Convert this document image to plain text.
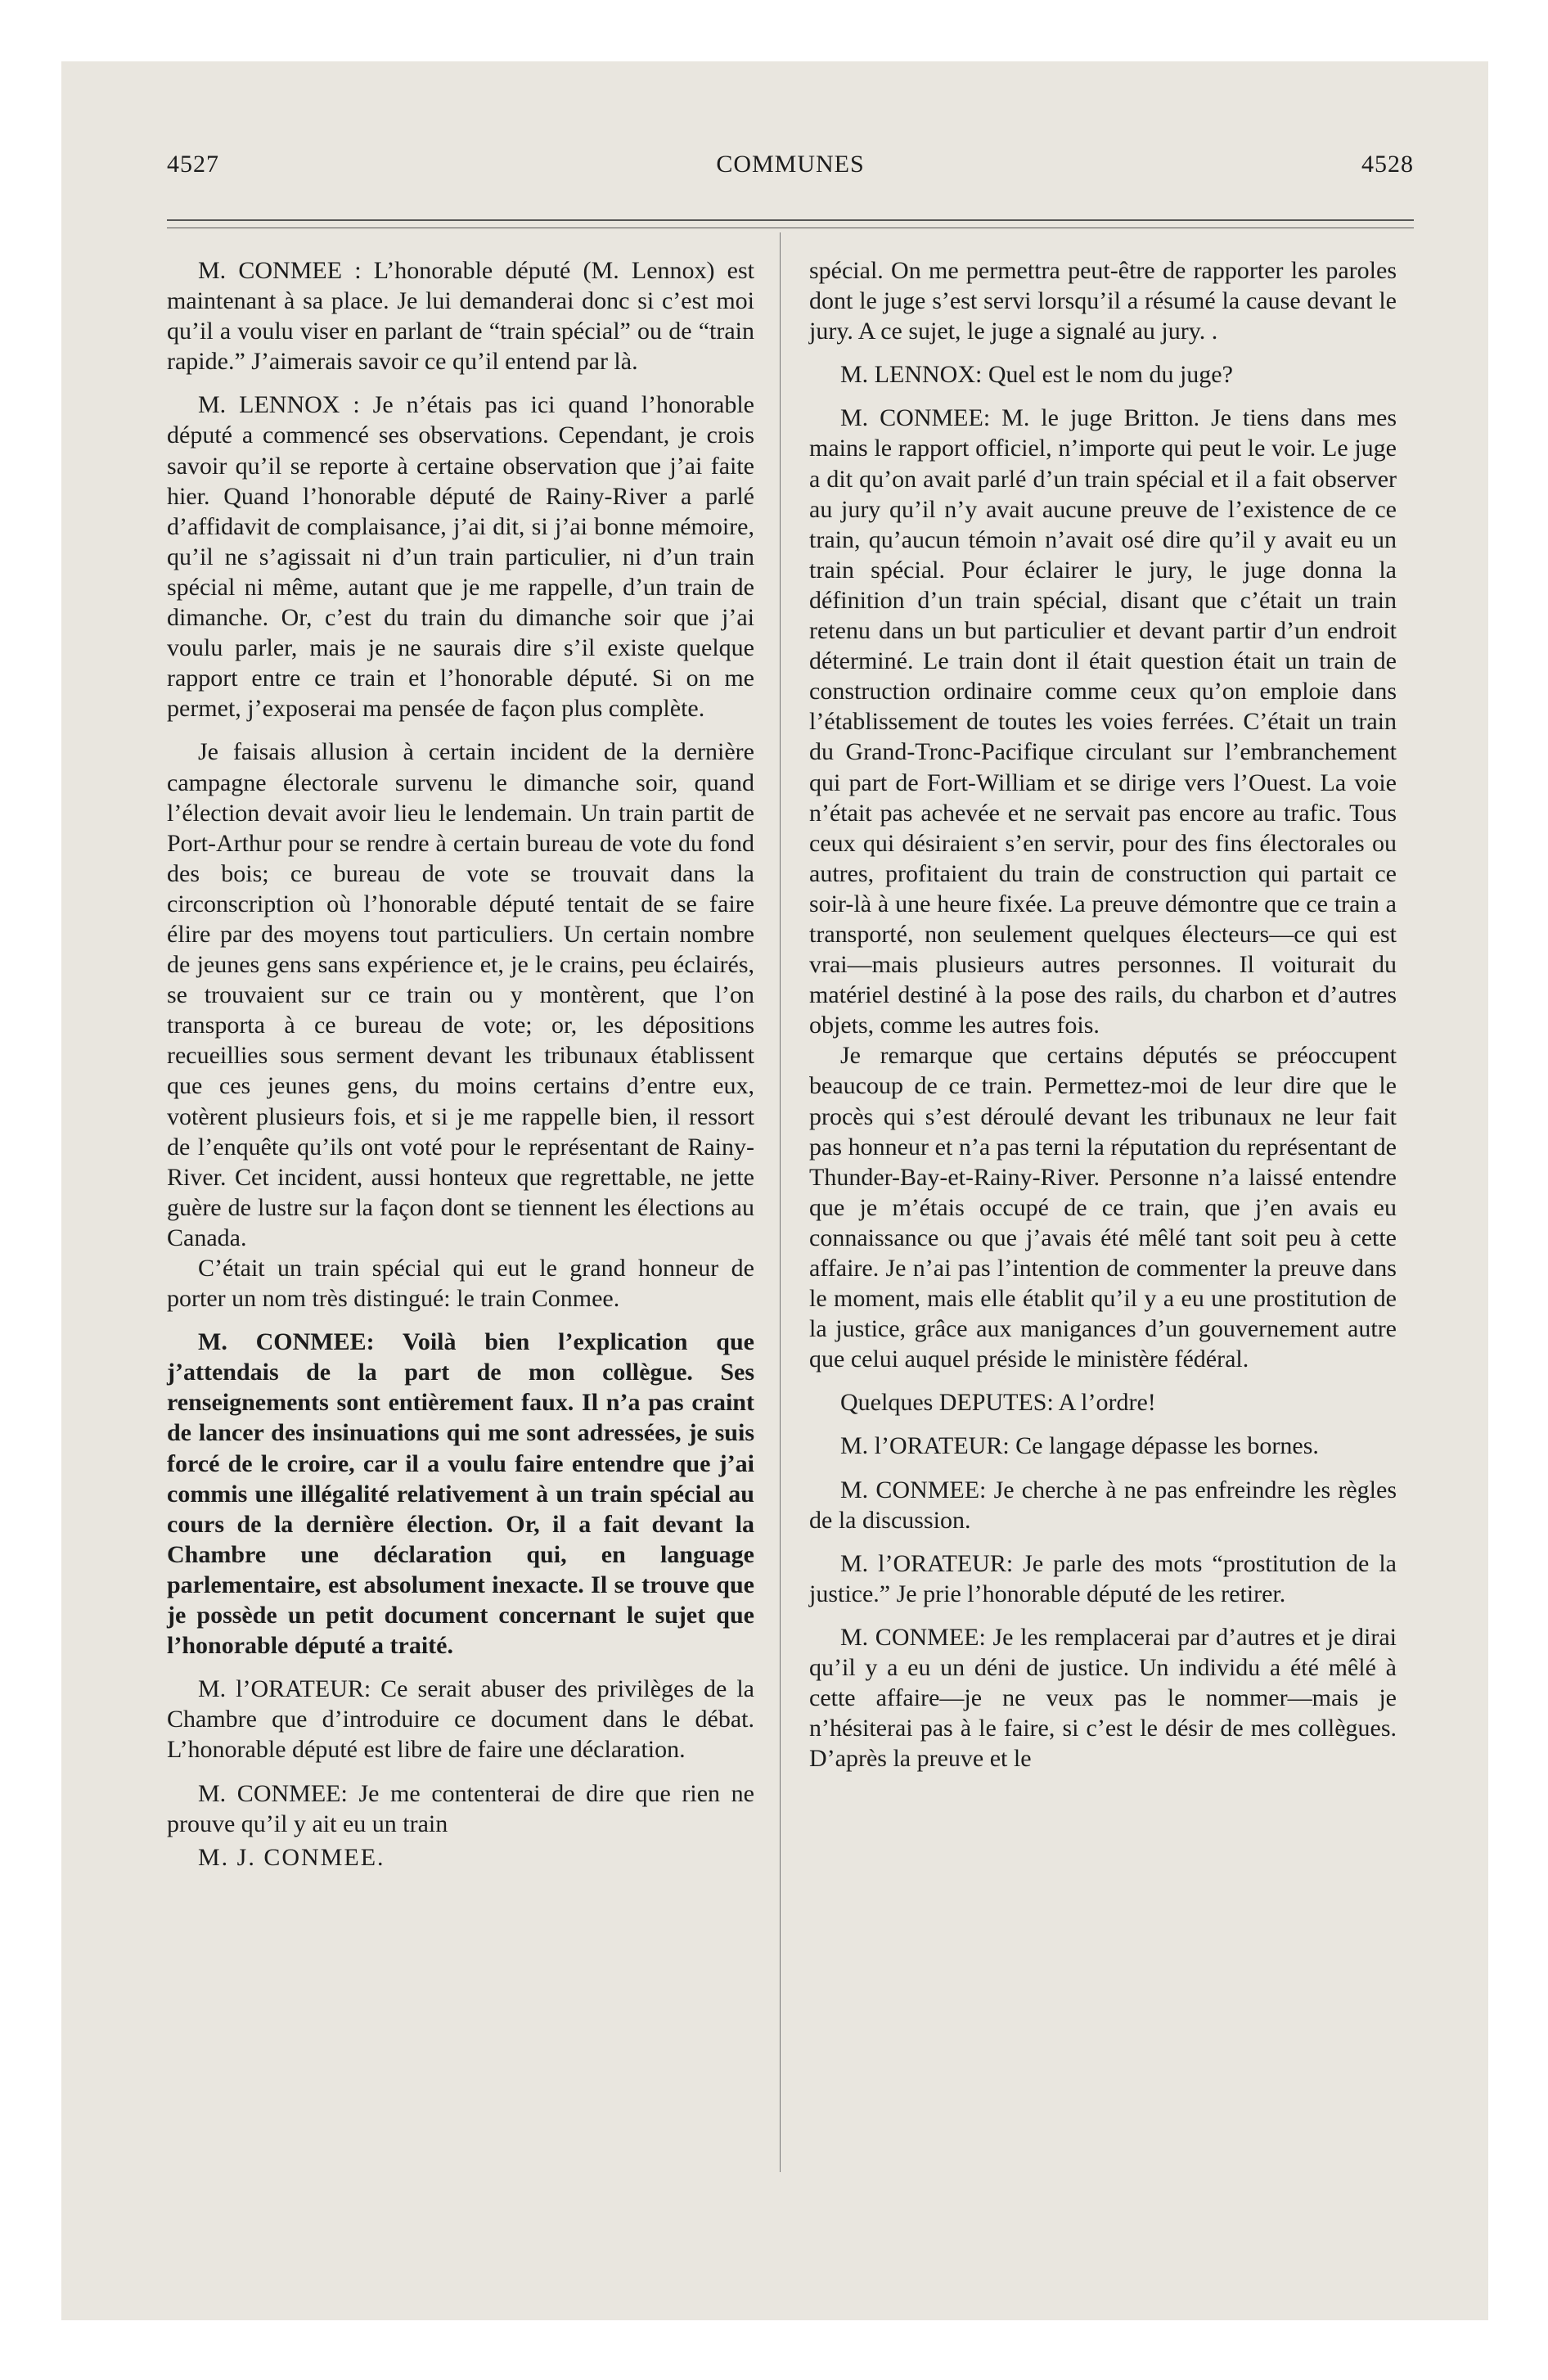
4527	COMMUNES	4528

M. CONMEE : L’honorable député (M. Lennox) est maintenant à sa place. Je lui demanderai donc si c’est moi qu’il a voulu viser en parlant de “train spécial” ou de “train rapide.” J’aimerais savoir ce qu’il entend par là.

M. LENNOX : Je n’étais pas ici quand l’honorable député a commencé ses observations. Cependant, je crois savoir qu’il se reporte à certaine observation que j’ai faite hier. Quand l’honorable député de Rainy-River a parlé d’affidavit de complaisance, j’ai dit, si j’ai bonne mémoire, qu’il ne s’agissait ni d’un train particulier, ni d’un train spécial ni même, autant que je me rappelle, d’un train de dimanche. Or, c’est du train du dimanche soir que j’ai voulu parler, mais je ne saurais dire s’il existe quelque rapport entre ce train et l’honorable député. Si on me permet, j’exposerai ma pensée de façon plus complète.

Je faisais allusion à certain incident de la dernière campagne électorale survenu le dimanche soir, quand l’élection devait avoir lieu le lendemain. Un train partit de Port-Arthur pour se rendre à certain bureau de vote du fond des bois; ce bureau de vote se trouvait dans la circonscription où l’honorable député tentait de se faire élire par des moyens tout particuliers. Un certain nombre de jeunes gens sans expérience et, je le crains, peu éclairés, se trouvaient sur ce train ou y montèrent, que l’on transporta à ce bureau de vote; or, les dépositions recueillies sous serment devant les tribunaux établissent que ces jeunes gens, du moins certains d’entre eux, votèrent plusieurs fois, et si je me rappelle bien, il ressort de l’enquête qu’ils ont voté pour le représentant de Rainy-River. Cet incident, aussi honteux que regrettable, ne jette guère de lustre sur la façon dont se tiennent les élections au Canada.

C’était un train spécial qui eut le grand honneur de porter un nom très distingué: le train Conmee.

M. CONMEE: Voilà bien l’explication que j’attendais de la part de mon collègue. Ses renseignements sont entièrement faux. Il n’a pas craint de lancer des insinuations qui me sont adressées, je suis forcé de le croire, car il a voulu faire entendre que j’ai commis une illégalité relativement à un train spécial au cours de la dernière élection. Or, il a fait devant la Chambre une déclaration qui, en language parlementaire, est absolument inexacte. Il se trouve que je possède un petit document concernant le sujet que l’honorable député a traité.

M. l’ORATEUR: Ce serait abuser des privilèges de la Chambre que d’introduire ce document dans le débat. L’honorable député est libre de faire une déclaration.

M. CONMEE: Je me contenterai de dire que rien ne prouve qu’il y ait eu un train

M. J. CONMEE.

spécial. On me permettra peut-être de rapporter les paroles dont le juge s’est servi lorsqu’il a résumé la cause devant le jury. A ce sujet, le juge a signalé au jury. .

M. LENNOX: Quel est le nom du juge?

M. CONMEE: M. le juge Britton. Je tiens dans mes mains le rapport officiel, n’importe qui peut le voir. Le juge a dit qu’on avait parlé d’un train spécial et il a fait observer au jury qu’il n’y avait aucune preuve de l’existence de ce train, qu’aucun témoin n’avait osé dire qu’il y avait eu un train spécial. Pour éclairer le jury, le juge donna la définition d’un train spécial, disant que c’était un train retenu dans un but particulier et devant partir d’un endroit déterminé. Le train dont il était question était un train de construction ordinaire comme ceux qu’on emploie dans l’établissement de toutes les voies ferrées. C’était un train du Grand-Tronc-Pacifique circulant sur l’embranchement qui part de Fort-William et se dirige vers l’Ouest. La voie n’était pas achevée et ne servait pas encore au trafic. Tous ceux qui désiraient s’en servir, pour des fins électorales ou autres, profitaient du train de construction qui partait ce soir-là à une heure fixée. La preuve démontre que ce train a transporté, non seulement quelques électeurs—ce qui est vrai—mais plusieurs autres personnes. Il voiturait du matériel destiné à la pose des rails, du charbon et d’autres objets, comme les autres fois.

Je remarque que certains députés se préoccupent beaucoup de ce train. Permettez-moi de leur dire que le procès qui s’est déroulé devant les tribunaux ne leur fait pas honneur et n’a pas terni la réputation du représentant de Thunder-Bay-et-Rainy-River. Personne n’a laissé entendre que je m’étais occupé de ce train, que j’en avais eu connaissance ou que j’avais été mêlé tant soit peu à cette affaire. Je n’ai pas l’intention de commenter la preuve dans le moment, mais elle établit qu’il y a eu une prostitution de la justice, grâce aux manigances d’un gouvernement autre que celui auquel préside le ministère fédéral.

Quelques DEPUTES: A l’ordre!

M. l’ORATEUR: Ce langage dépasse les bornes.

M. CONMEE: Je cherche à ne pas enfreindre les règles de la discussion.

M. l’ORATEUR: Je parle des mots “prostitution de la justice.” Je prie l’honorable député de les retirer.

M. CONMEE: Je les remplacerai par d’autres et je dirai qu’il y a eu un déni de justice. Un individu a été mêlé à cette affaire—je ne veux pas le nommer—mais je n’hésiterai pas à le faire, si c’est le désir de mes collègues. D’après la preuve et le
